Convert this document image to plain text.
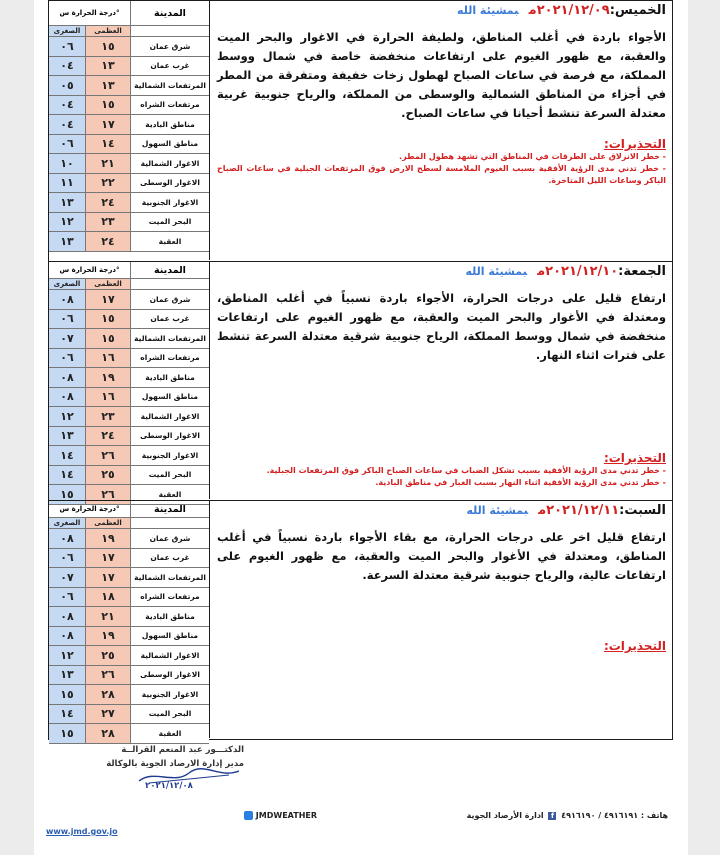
درجة الحرارة س°	المدينة
الصغرى	العظمى
٠٦	١٥	شرق عمان
٠٤	١٣	غرب عمان
٠٥	١٣	المرتفعات الشمالية
٠٤	١٥	مرتفعات الشراه
٠٤	١٧	مناطق البادية
٠٦	١٤	مناطق السهول
١٠	٢١	الاغوار الشمالية
١١	٢٢	الاغوار الوسطى
١٣	٢٤	الاغوار الجنوبية
١٢	٢٣	البحر الميت
١٣	٢٤	العقبة
الخميس:٢٠٢١/١٢/٠٩مبمشيئة الله
الأجواء باردة في أغلب المناطق، ولطيفة الحرارة في الاغوار والبحر الميت والعقبة، مع ظهور الغيوم على ارتفاعات منخفضة خاصة في شمال ووسط المملكة، مع فرصة في ساعات الصباح لهطول زخات خفيفة ومتفرقة من المطر في أجزاء من المناطق الشمالية والوسطى من المملكة، والرياح جنوبية غربية معتدلة السرعة تنشط أحيانا في ساعات الصباح.
التحذيرات:
- خطر الانزلاق على الطرقات في المناطق التي تشهد هطول المطر.
- خطر تدني مدى الرؤية الأفقية بسبب الغيوم الملامسة لسطح الارض فوق المرتفعات الجبلية في ساعات الصباح الباكر وساعات الليل المتاخرة.
درجة الحرارة س°	المدينة
الصغرى	العظمى
٠٨	١٧	شرق عمان
٠٦	١٥	غرب عمان
٠٧	١٥	المرتفعات الشمالية
٠٦	١٦	مرتفعات الشراه
٠٨	١٩	مناطق البادية
٠٨	١٦	مناطق السهول
١٢	٢٣	الاغوار الشمالية
١٣	٢٤	الاغوار الوسطى
١٤	٢٦	الاغوار الجنوبية
١٤	٢٥	البحر الميت
١٥	٢٦	العقبة
الجمعة:٢٠٢١/١٢/١٠مبمشيئة الله
ارتفاع قليل على درجات الحرارة، الأجواء باردة نسبياً في أغلب المناطق، ومعتدلة في الأغوار والبحر الميت والعقبة، مع ظهور الغيوم على ارتفاعات منخفضة في شمال ووسط المملكة، الرياح جنوبية شرقية معتدلة السرعة تنشط على فترات اثناء النهار.
التحذيرات:
- خطر تدني مدى الرؤية الأفقية بسبب تشكل الضباب في ساعات الصباح الباكر فوق المرتفعات الجبلية.
- خطر تدني مدى الرؤية الأفقية اثناء النهار بسبب الغبار في مناطق البادية.
درجة الحرارة س°	المدينة
الصغرى	العظمى
٠٨	١٩	شرق عمان
٠٦	١٧	غرب عمان
٠٧	١٧	المرتفعات الشمالية
٠٦	١٨	مرتفعات الشراه
٠٨	٢١	مناطق البادية
٠٨	١٩	مناطق السهول
١٢	٢٥	الاغوار الشمالية
١٣	٢٦	الاغوار الوسطى
١٥	٢٨	الاغوار الجنوبية
١٤	٢٧	البحر الميت
١٥	٢٨	العقبة
السبت:٢٠٢١/١٢/١١مبمشيئة الله
ارتفاع قليل اخر على درجات الحرارة، مع بقاء الأجواء باردة نسبياً في أغلب المناطق، ومعتدلة في الأغوار والبحر الميت والعقبة، مع ظهور الغيوم على ارتفاعات عالية، والرياح جنوبية شرقية معتدلة السرعة.
التحذيرات:
الدكتـــور عبد المنعم القرالــة
مدير إدارة الارصاد الجوية بالوكالة
٢٠٢١/١٢/٠٨
هاتف : ٤٩١٦١٩١ / ٤٩١٦١٩٠ f ادارة الأرصاد الجوية
JMDWEATHER
www.jmd.gov.jo
